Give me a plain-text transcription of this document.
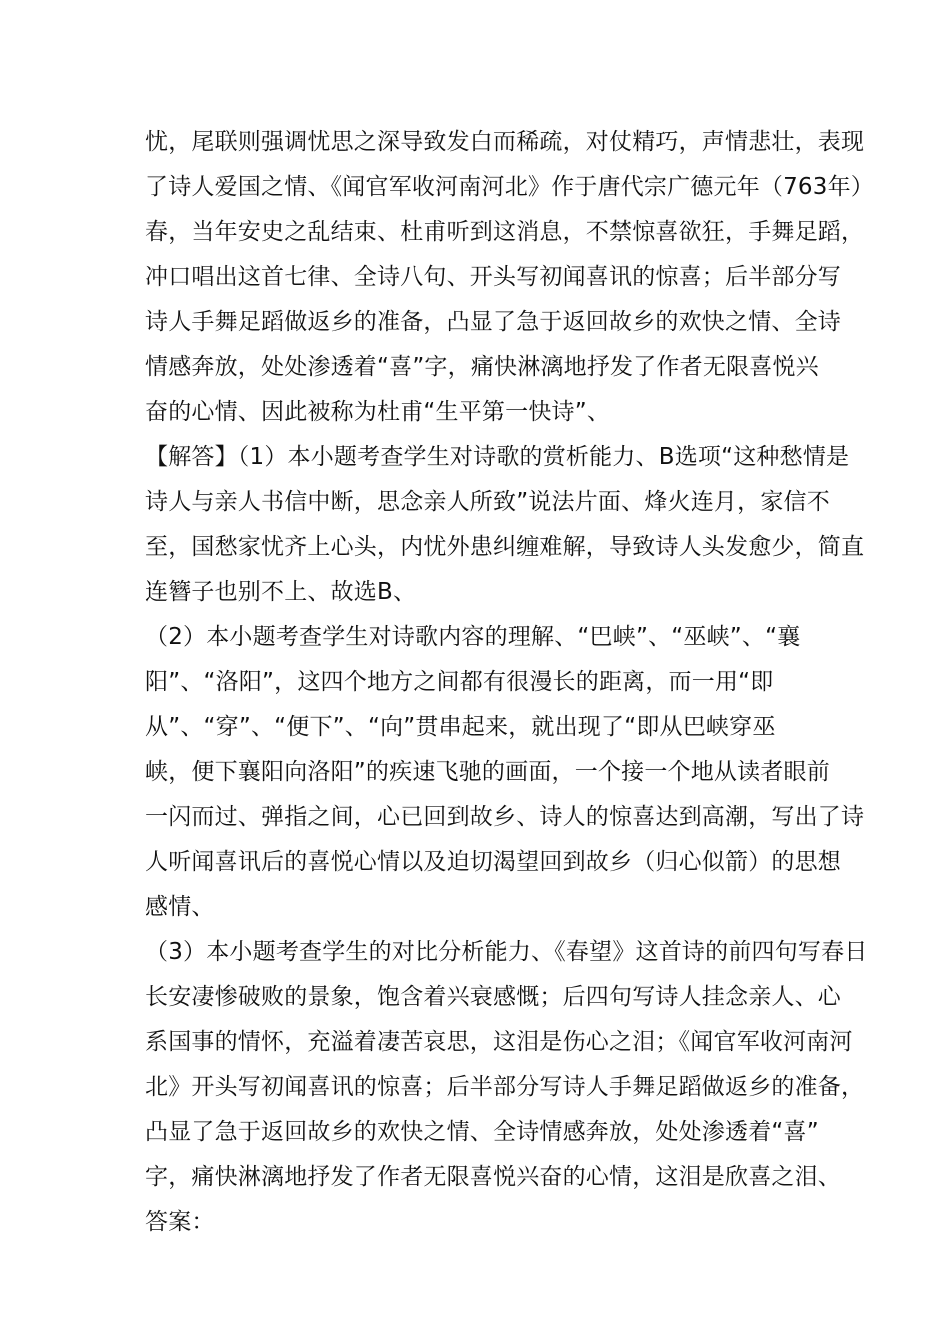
忧，尾联则强调忧思之深导致发白而稀疏，对仗精巧，声情悲壮，表现
了诗人爱国之情、《闻官军收河南河北》作于唐代宗广德元年（763年）
春，当年安史之乱结束、杜甫听到这消息，不禁惊喜欲狂，手舞足蹈，
冲口唱出这首七律、全诗八句、开头写初闻喜讯的惊喜；后半部分写
诗人手舞足蹈做返乡的准备，凸显了急于返回故乡的欢快之情、全诗
情感奔放，处处渗透着“喜”字，痛快淋漓地抒发了作者无限喜悦兴
奋的心情、因此被称为杜甫“生平第一快诗”、
【解答】（1）本小题考查学生对诗歌的赏析能力、B选项“这种愁情是
诗人与亲人书信中断，思念亲人所致”说法片面、烽火连月，家信不
至，国愁家忧齐上心头，内忧外患纠缠难解，导致诗人头发愈少，简直
连簪子也别不上、故选B、
（2）本小题考查学生对诗歌内容的理解、“巴峡”、“巫峡”、“襄
阳”、“洛阳”，这四个地方之间都有很漫长的距离，而一用“即
从”、“穿”、“便下”、“向”贯串起来，就出现了“即从巴峡穿巫
峡，便下襄阳向洛阳”的疾速飞驰的画面，一个接一个地从读者眼前
一闪而过、弹指之间，心已回到故乡、诗人的惊喜达到高潮，写出了诗
人听闻喜讯后的喜悦心情以及迫切渴望回到故乡（归心似箭）的思想
感情、
（3）本小题考查学生的对比分析能力、《春望》这首诗的前四句写春日
长安凄惨破败的景象，饱含着兴衰感慨；后四句写诗人挂念亲人、心
系国事的情怀，充溢着凄苦哀思，这泪是伤心之泪；《闻官军收河南河
北》开头写初闻喜讯的惊喜；后半部分写诗人手舞足蹈做返乡的准备，
凸显了急于返回故乡的欢快之情、全诗情感奔放，处处渗透着“喜”
字，痛快淋漓地抒发了作者无限喜悦兴奋的心情，这泪是欣喜之泪、
答案：
